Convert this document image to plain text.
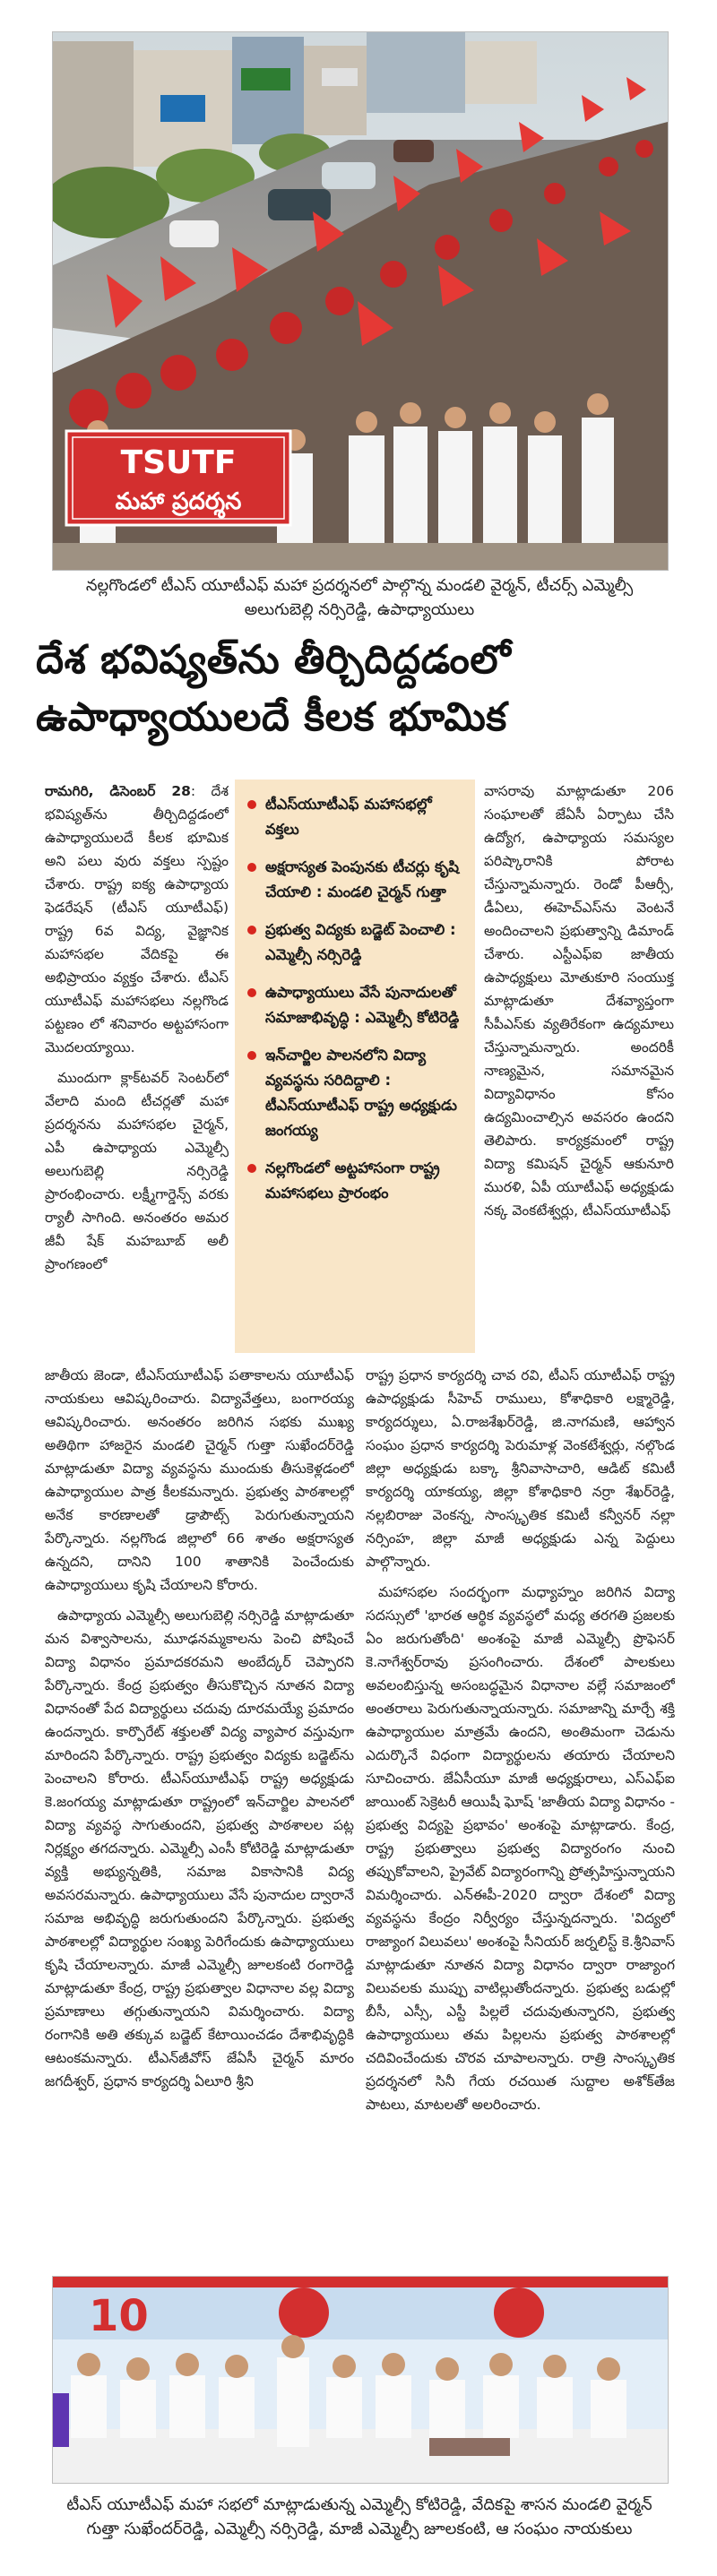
TSUTF
మహా ప్రదర్శన
నల్లగొండలో టీఎస్‌ యూటీఎఫ్‌ మహా ప్రదర్శనలో పాల్గొన్న మండలి వైర్మన్‌, టీచర్స్‌ ఎమ్మెల్సీ అలుగుబెల్లి నర్సిరెడ్డి, ఉపాధ్యాయులు
దేశ భవిష్యత్‌ను తీర్చిదిద్దడంలో
ఉపాధ్యాయులదే కీలక భూమిక

రామగిరి, డిసెంబర్‌ 28: దేశ భవిష్యత్‌ను తీర్చిదిద్దడంలో ఉపాధ్యాయులదే కీలక భూమిక అని పలు వురు వక్తలు స్పష్టం చేశారు. రాష్ట్ర ఐక్య ఉపాధ్యాయ ఫెడరేషన్‌ (టీఎస్‌ యూటీఎఫ్‌) రాష్ట్ర 6వ విద్య, వైజ్ఞానిక మహాసభల వేదికపై ఈ అభిప్రాయం వ్యక్తం చేశారు. టీఎస్‌ యూటీఎఫ్‌ మహాసభలు నల్లగొండ పట్టణం లో శనివారం అట్టహాసంగా మొదలయ్యాయి.

ముందుగా క్లాక్‌టవర్‌ సెంటర్‌లో వేలాది మంది టీచర్లతో మహా ప్రదర్శనను మహాసభల చైర్మన్‌, ఎపీ ఉపాధ్యాయ ఎమ్మెల్సీ అలుగుబెల్లి నర్సిరెడ్డి ప్రారంభించారు. లక్ష్మీగార్డెన్స్‌ వరకు ర్యాలీ సాగింది. అనంతరం అమర జీవీ షేక్‌ మహబూబ్‌ అలీ ప్రాంగణంలో

టీఎస్‌యూటీఎఫ్‌ మహాసభల్లో వక్తలు
అక్షరాస్యత పెంపునకు టీచర్లు కృషి చేయాలి : మండలి చైర్మన్‌ గుత్తా
ప్రభుత్వ విద్యకు బడ్జెట్‌ పెంచాలి : ఎమ్మెల్సీ నర్సిరెడ్డి
ఉపాధ్యాయులు వేసే పునాదులతో సమాజాభివృద్ధి : ఎమ్మెల్సీ కోటిరెడ్డి
ఇన్‌చార్జిల పాలనలోని విద్యా వ్యవస్థను సరిదిద్దాలి : టీఎస్‌యూటీఎఫ్‌ రాష్ట్ర అధ్యక్షుడు జంగయ్య
నల్లగొండలో అట్టహాసంగా రాష్ట్ర మహాసభలు ప్రారంభం

వాసరావు మాట్లాడుతూ 206 సంఘాలతో జేఏసీ ఏర్పాటు చేసి ఉద్యోగ, ఉపాధ్యాయ సమస్యల పరిష్కారానికి పోరాట చేస్తున్నామన్నారు. రెండో పీఆర్సీ, డీఏలు, ఈహెచ్‌ఎస్‌ను వెంటనే అందించాలని ప్రభుత్వాన్ని డిమాండ్‌ చేశారు. ఎస్టీఎఫ్‌ఐ జాతీయ ఉపాధ్యక్షులు మోతుకూరి సంయుక్త మాట్లాడుతూ దేశవ్యాప్తంగా సీపీఎస్‌కు వ్యతిరేకంగా ఉద్యమాలు చేస్తున్నామన్నారు. అందరికీ నాణ్యమైన, సమానమైన విద్యావిధానం కోసం ఉద్యమించాల్సిన అవసరం ఉందని తెలిపారు. కార్యక్రమంలో రాష్ట్ర విద్యా కమిషన్‌ చైర్మన్‌ ఆకునూరి మురళి, ఏపీ యూటీఎఫ్‌ అధ్యక్షుడు నక్క వెంకటేశ్వర్లు, టీఎస్‌యూటీఎఫ్‌

జాతీయ జెండా, టీఎస్‌యూటీఎఫ్‌ పతాకాలను యూటీఎఫ్‌ నాయకులు ఆవిష్కరించారు. విద్యావేత్తలు, బంగారయ్య ఆవిష్కరించారు. అనంతరం జరిగిన సభకు ముఖ్య అతిథిగా హాజరైన మండలి చైర్మన్‌ గుత్తా సుఖేందర్‌రెడ్డి మాట్లాడుతూ విద్యా వ్యవస్థను ముందుకు తీసుకెళ్లడంలో ఉపాధ్యాయుల పాత్ర కీలకమన్నారు. ప్రభుత్వ పాఠశాలల్లో అనేక కారణాలతో డ్రాపౌట్స్‌ పెరుగుతున్నాయని పేర్కొన్నారు. నల్లగొండ జిల్లాలో 66 శాతం అక్షరాస్యత ఉన్నదని, దానిని 100 శాతానికి పెంచేందుకు ఉపాధ్యాయులు కృషి చేయాలని కోరారు.

ఉపాధ్యాయ ఎమ్మెల్సీ అలుగుబెల్లి నర్సిరెడ్డి మాట్లాడుతూ మన విశ్వాసాలను, మూఢనమ్మకాలను పెంచి పోషించే విద్యా విధానం ప్రమాదకరమని అంబేద్కర్‌ చెప్పారని పేర్కొన్నారు. కేంద్ర ప్రభుత్వం తీసుకొచ్చిన నూతన విద్యా విధానంతో పేద విద్యార్థులు చదువు దూరమయ్యే ప్రమాదం ఉందన్నారు. కార్పొరేట్‌ శక్తులతో విద్య వ్యాపార వస్తువుగా మారిందని పేర్కొన్నారు. రాష్ట్ర ప్రభుత్వం విద్యకు బడ్జెట్‌ను పెంచాలని కోరారు. టీఎస్‌యూటీఎఫ్‌ రాష్ట్ర అధ్యక్షుడు కె.జంగయ్య మాట్లాడుతూ రాష్ట్రంలో ఇన్‌చార్జిల పాలనలో విద్యా వ్యవస్థ సాగుతుందని, ప్రభుత్వ పాఠశాలల పట్ల నిర్లక్ష్యం తగదన్నారు. ఎమ్మెల్సీ ఎంసీ కోటిరెడ్డి మాట్లాడుతూ వ్యక్తి అభ్యున్నతికి, సమాజ వికాసానికి విద్య అవసరమన్నారు. ఉపాధ్యాయులు వేసే పునాదుల ద్వారానే సమాజ అభివృద్ధి జరుగుతుందని పేర్కొన్నారు. ప్రభుత్వ పాఠశాలల్లో విద్యార్థుల సంఖ్య పెరిగేందుకు ఉపాధ్యాయులు కృషి చేయాలన్నారు. మాజీ ఎమ్మెల్సీ జూలకంటి రంగారెడ్డి మాట్లాడుతూ కేంద్ర, రాష్ట్ర ప్రభుత్వాల విధానాల వల్ల విద్యా ప్రమాణాలు తగ్గుతున్నాయని విమర్శించారు. విద్యా రంగానికి అతి తక్కువ బడ్జెట్‌ కేటాయించడం దేశాభివృద్ధికి ఆటంకమన్నారు. టీఎన్‌జీవోస్‌ జేఏసీ చైర్మన్‌ మారం జగదీశ్వర్‌, ప్రధాన కార్యదర్శి ఏలూరి శ్రీని

రాష్ట్ర ప్రధాన కార్యదర్శి చావ రవి, టీఎస్‌ యూటీఎఫ్‌ రాష్ట్ర ఉపాధ్యక్షుడు సీహెచ్‌ రాములు, కోశాధికారి లక్ష్మారెడ్డి, కార్యదర్శులు, ఏ.రాజశేఖర్‌రెడ్డి, జి.నాగమణి, ఆహ్వాన సంఘం ప్రధాన కార్యదర్శి పెరుమాళ్ల వెంకటేశ్వర్లు, నల్గొండ జిల్లా అధ్యక్షుడు బక్కా శ్రీనివాసాచారి, ఆడిట్‌ కమిటీ కార్యదర్శి యాకయ్య, జిల్లా కోశాధికారి నర్రా శేఖర్‌రెడ్డి, నల్లబిరాజు వెంకన్న, సాంస్కృతిక కమిటీ కన్వీనర్‌ నల్లా నర్సింహ, జిల్లా మాజీ అధ్యక్షుడు ఎన్న పెద్దులు పాల్గొన్నారు.

మహాసభల సందర్భంగా మధ్యాహ్నం జరిగిన విద్యా సదస్సులో 'భారత ఆర్థిక వ్యవస్థలో మధ్య తరగతి ప్రజలకు ఏం జరుగుతోంది' అంశంపై మాజీ ఎమ్మెల్సీ ప్రొఫెసర్‌ కె.నాగేశ్వర్‌రావు ప్రసంగించారు. దేశంలో పాలకులు అవలంబిస్తున్న అసంబద్ధమైన విధానాల వల్లే సమాజంలో అంతరాలు పెరుగుతున్నాయన్నారు. సమాజాన్ని మార్చే శక్తి ఉపాధ్యాయుల మాత్రమే ఉందని, అంతిమంగా చెడును ఎదుర్కొనే విధంగా విద్యార్థులను తయారు చేయాలని సూచించారు. జేఏసీయూ మాజీ అధ్యక్షురాలు, ఎస్‌ఎఫ్‌ఐ జాయింట్‌ సెక్రెటరీ ఆయిషీ ఘోష్‌ 'జాతీయ విద్యా విధానం - ప్రభుత్వ విద్యపై ప్రభావం' అంశంపై మాట్లాడారు. కేంద్ర, రాష్ట్ర ప్రభుత్వాలు ప్రభుత్వ విద్యారంగం నుంచి తప్పుకోవాలని, ప్రైవేట్‌ విద్యారంగాన్ని ప్రోత్సహిస్తున్నాయని విమర్శించారు. ఎన్‌ఈపీ-2020 ద్వారా దేశంలో విద్యా వ్యవస్థను కేంద్రం నిర్వీర్యం చేస్తున్నదన్నారు. 'విద్యలో రాజ్యాంగ విలువలు' అంశంపై సీనియర్‌ జర్నలిస్ట్‌ కె.శ్రీనివాస్‌ మాట్లాడుతూ నూతన విద్యా విధానం ద్వారా రాజ్యాంగ విలువలకు ముప్పు వాటిల్లుతోందన్నారు. ప్రభుత్వ బడుల్లో బీసీ, ఎస్సీ, ఎస్టీ పిల్లలే చదువుతున్నారని, ప్రభుత్వ ఉపాధ్యాయులు తమ పిల్లలను ప్రభుత్వ పాఠశాలల్లో చదివించేందుకు చొరవ చూపాలన్నారు. రాత్రి సాంస్కృతిక ప్రదర్శనలో సినీ గేయ రచయిత సుద్దాల అశోక్‌తేజ పాటలు, మాటలతో అలరించారు.

10
టీఎస్‌ యూటీఎఫ్‌ మహా సభలో మాట్లాడుతున్న ఎమ్మెల్సీ కోటిరెడ్డి, వేదికపై శాసన మండలి వైర్మన్‌ గుత్తా సుఖేందర్‌రెడ్డి, ఎమ్మెల్సీ నర్సిరెడ్డి, మాజీ ఎమ్మెల్సీ జూలకంటి, ఆ సంఘం నాయకులు
